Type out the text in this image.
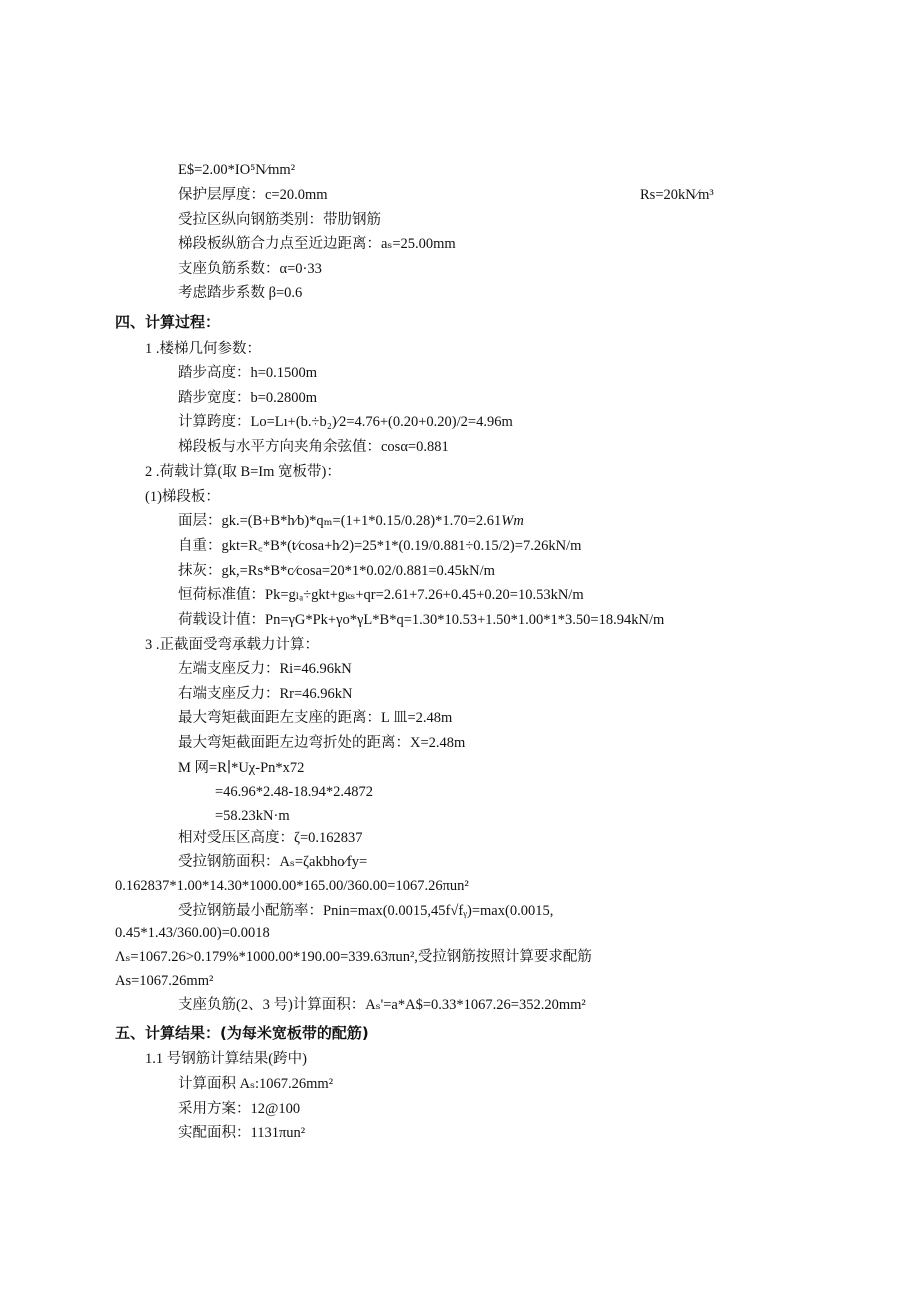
E$=2.00*IO⁵N∕mm²
保护层厚度：c=20.0mm	Rs=20kN∕m³
受拉区纵向钢筋类别：带肋钢筋
梯段板纵筋合力点至近边距离：aₛ=25.00mm
支座负筋系数：α=0·33
考虑踏步系数 β=0.6
四、计算过程：
1 .楼梯几何参数：
踏步高度：h=0.1500m
踏步宽度：b=0.2800m
计算跨度：Lo=Lı+(b.÷b₂)∕2=4.76+(0.20+0.20)/2=4.96m
梯段板与水平方向夹角余弦值：cosα=0.881
2 .荷载计算(取 B=Im 宽板带)：
(1)梯段板：
面层：gk.=(B+B*h∕b)*qₘ=(1+1*0.15/0.28)*1.70=2.61Wm
自重：gkt=R꜀*B*(t∕cosa+h∕2)=25*1*(0.19/0.881÷0.15/2)=7.26kN/m
抹灰：gk,=Rs*B*c∕cosa=20*1*0.02/0.881=0.45kN/m
恒荷标准值：Pk=gₗₐ÷gkt+gₖₛ+qr=2.61+7.26+0.45+0.20=10.53kN/m
荷载设计值：Pn=γG*Pk+γo*γL*B*q=1.30*10.53+1.50*1.00*1*3.50=18.94kN/m
3 .正截面受弯承载力计算：
左端支座反力：Ri=46.96kN
右端支座反力：Rr=46.96kN
最大弯矩截面距左支座的距离：L 皿=2.48m
最大弯矩截面距左边弯折处的距离：X=2.48m
M 网=R∣*Uχ-Pn*x72
=46.96*2.48-18.94*2.4872
=58.23kN·m
相对受压区高度：ζ=0.162837
受拉钢筋面积：Aₛ=ζakbho∕fy=
0.162837*1.00*14.30*1000.00*165.00/360.00=1067.26πun²
受拉钢筋最小配筋率：Pnin=max(0.0015,45f√fᵧ)=max(0.0015,
0.45*1.43/360.00)=0.0018
Λₛ=1067.26>0.179%*1000.00*190.00=339.63πun²,受拉钢筋按照计算要求配筋
As=1067.26mm²
支座负筋(2、3 号)计算面积：Aₛ'=a*A$=0.33*1067.26=352.20mm²
五、计算结果：(为每米宽板带的配筋)
1.1 号钢筋计算结果(跨中)
计算面积 Aₛ:1067.26mm²
采用方案：12@100
实配面积：1131πun²
